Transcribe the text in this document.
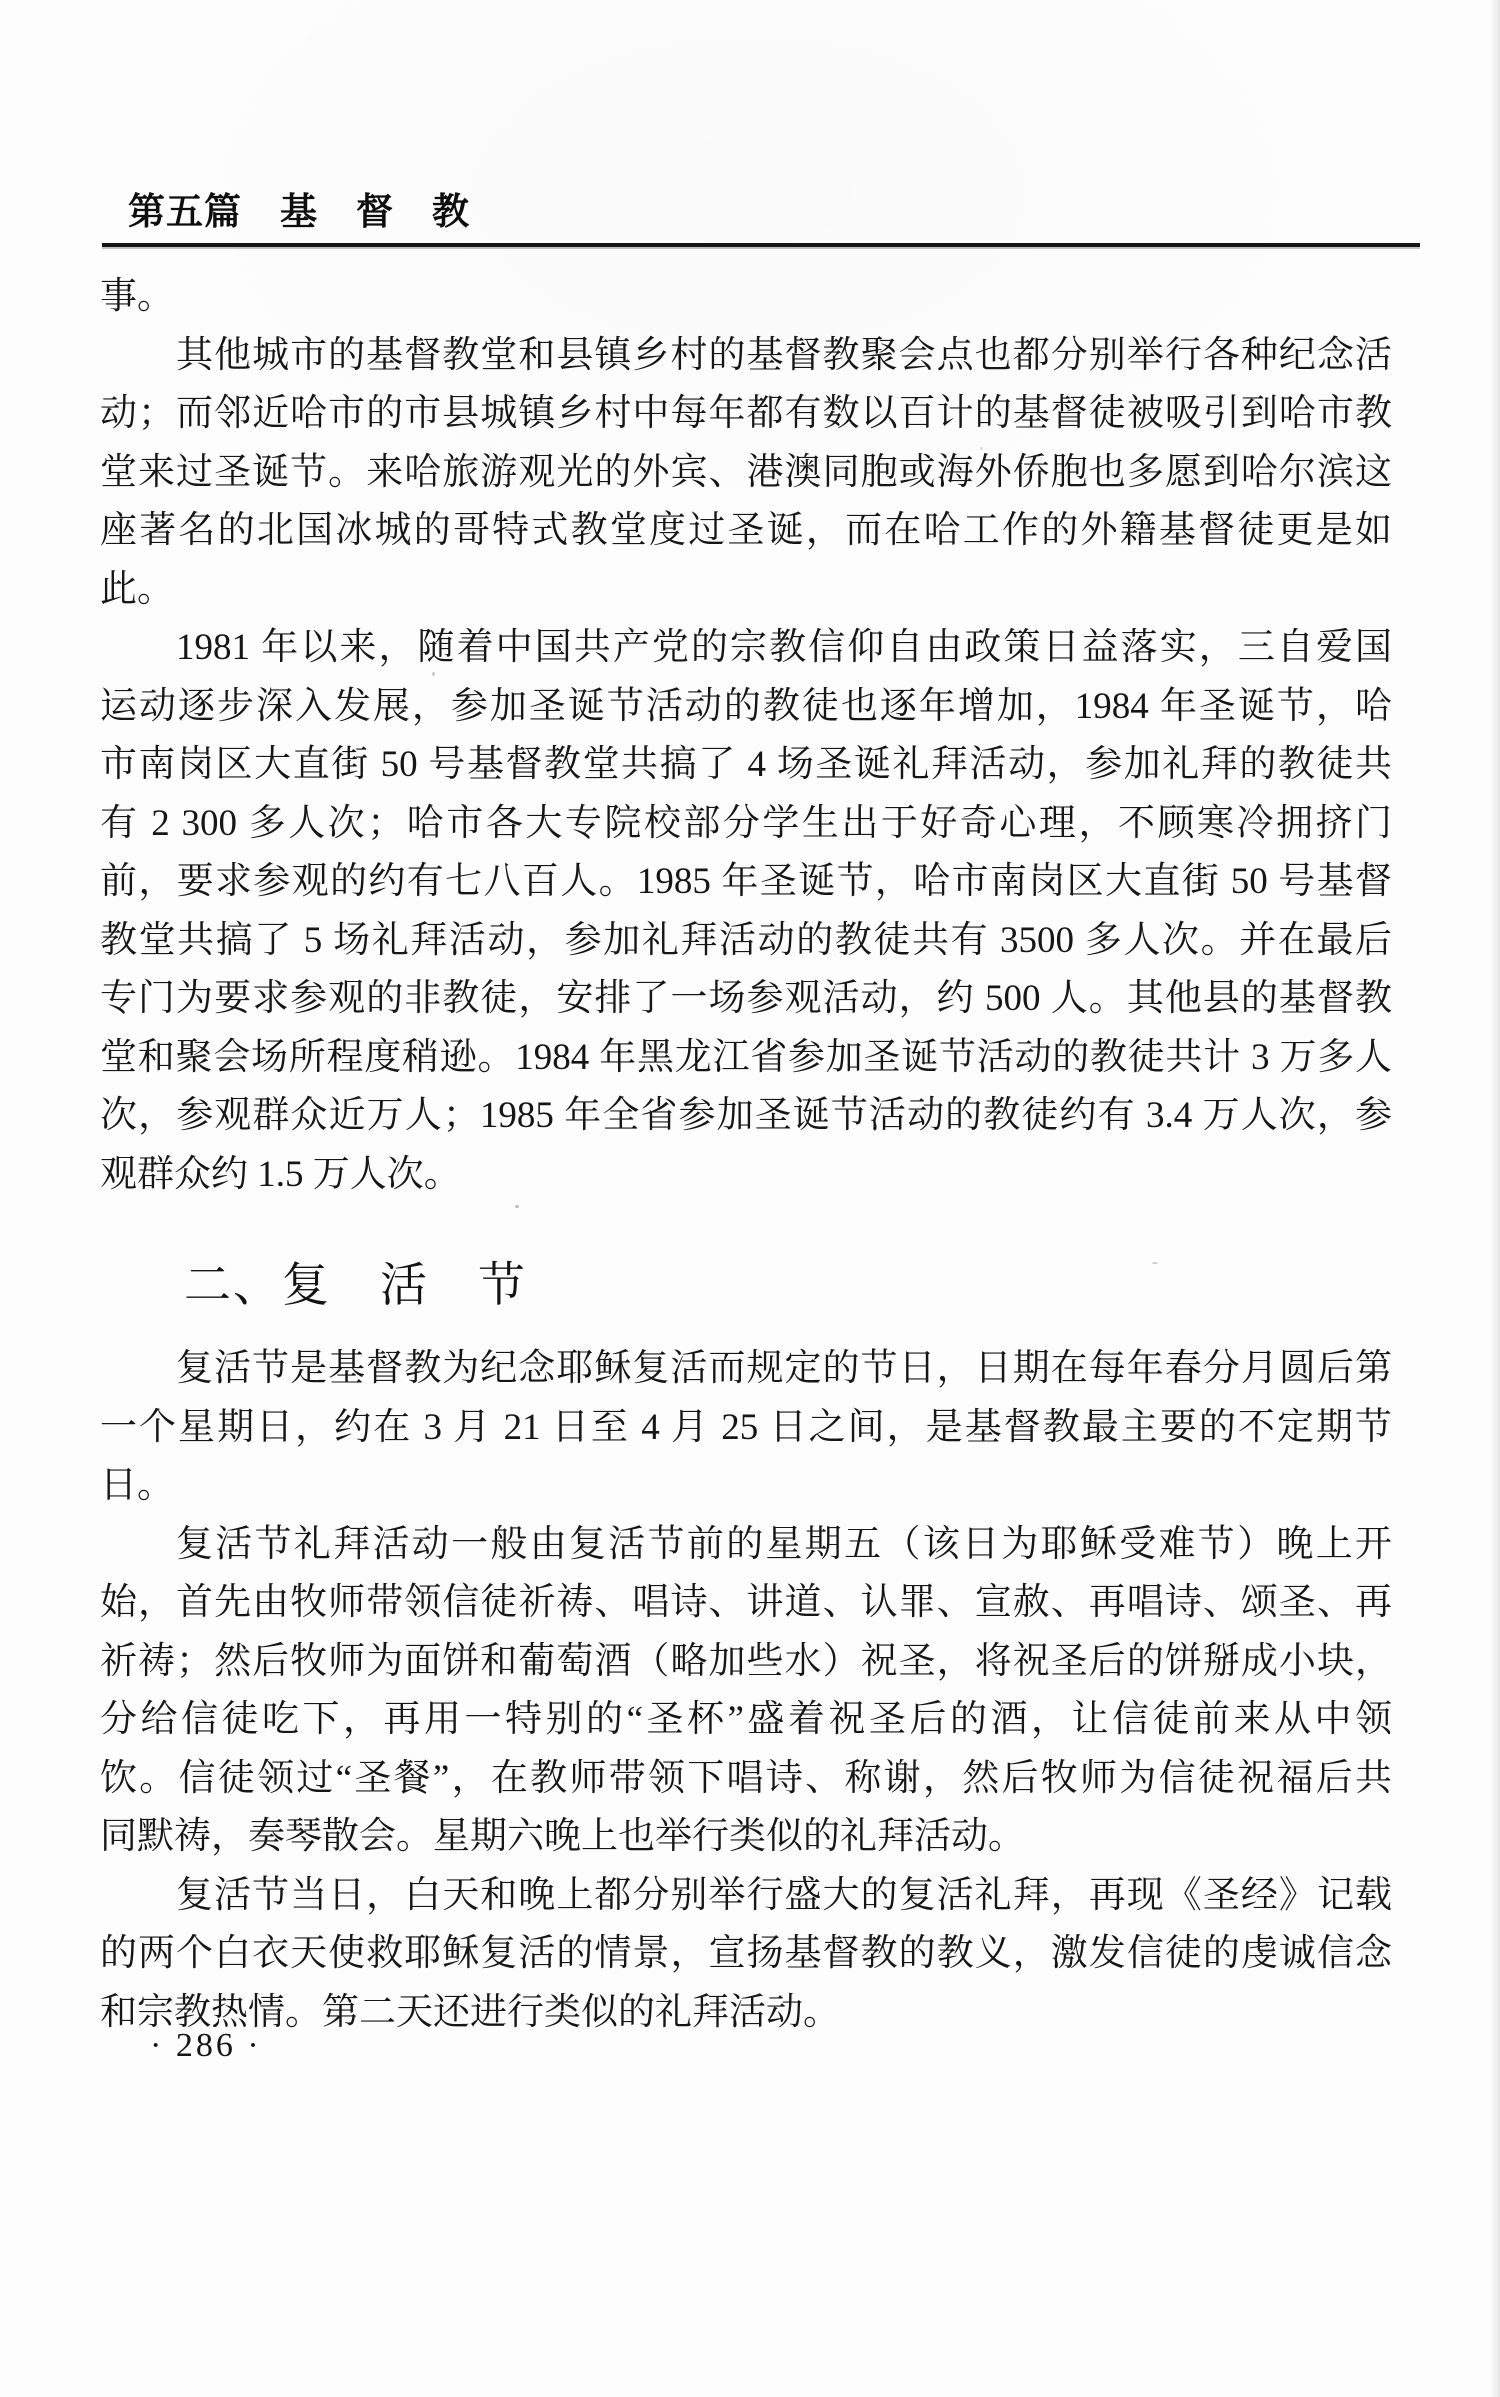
第五篇　基　督　教
事。
其他城市的基督教堂和县镇乡村的基督教聚会点也都分别举行各种纪念活
动；而邻近哈市的市县城镇乡村中每年都有数以百计的基督徒被吸引到哈市教
堂来过圣诞节。来哈旅游观光的外宾、港澳同胞或海外侨胞也多愿到哈尔滨这
座著名的北国冰城的哥特式教堂度过圣诞，而在哈工作的外籍基督徒更是如
此。
1981 年以来，随着中国共产党的宗教信仰自由政策日益落实，三自爱国
运动逐步深入发展，参加圣诞节活动的教徒也逐年增加，1984 年圣诞节，哈
市南岗区大直街 50 号基督教堂共搞了 4 场圣诞礼拜活动，参加礼拜的教徒共
有 2 300 多人次；哈市各大专院校部分学生出于好奇心理，不顾寒冷拥挤门
前，要求参观的约有七八百人。1985 年圣诞节，哈市南岗区大直街 50 号基督
教堂共搞了 5 场礼拜活动，参加礼拜活动的教徒共有 3500 多人次。并在最后
专门为要求参观的非教徒，安排了一场参观活动，约 500 人。其他县的基督教
堂和聚会场所程度稍逊。1984 年黑龙江省参加圣诞节活动的教徒共计 3 万多人
次，参观群众近万人；1985 年全省参加圣诞节活动的教徒约有 3.4 万人次，参
观群众约 1.5 万人次。
二、复　活　节
复活节是基督教为纪念耶稣复活而规定的节日，日期在每年春分月圆后第
一个星期日，约在 3 月 21 日至 4 月 25 日之间，是基督教最主要的不定期节
日。
复活节礼拜活动一般由复活节前的星期五（该日为耶稣受难节）晚上开
始，首先由牧师带领信徒祈祷、唱诗、讲道、认罪、宣赦、再唱诗、颂圣、再
祈祷；然后牧师为面饼和葡萄酒（略加些水）祝圣，将祝圣后的饼掰成小块，
分给信徒吃下，再用一特别的“圣杯”盛着祝圣后的酒，让信徒前来从中领
饮。信徒领过“圣餐”，在教师带领下唱诗、称谢，然后牧师为信徒祝福后共
同默祷，奏琴散会。星期六晚上也举行类似的礼拜活动。
复活节当日，白天和晚上都分别举行盛大的复活礼拜，再现《圣经》记载
的两个白衣天使救耶稣复活的情景，宣扬基督教的教义，激发信徒的虔诚信念
和宗教热情。第二天还进行类似的礼拜活动。
· 286 ·
